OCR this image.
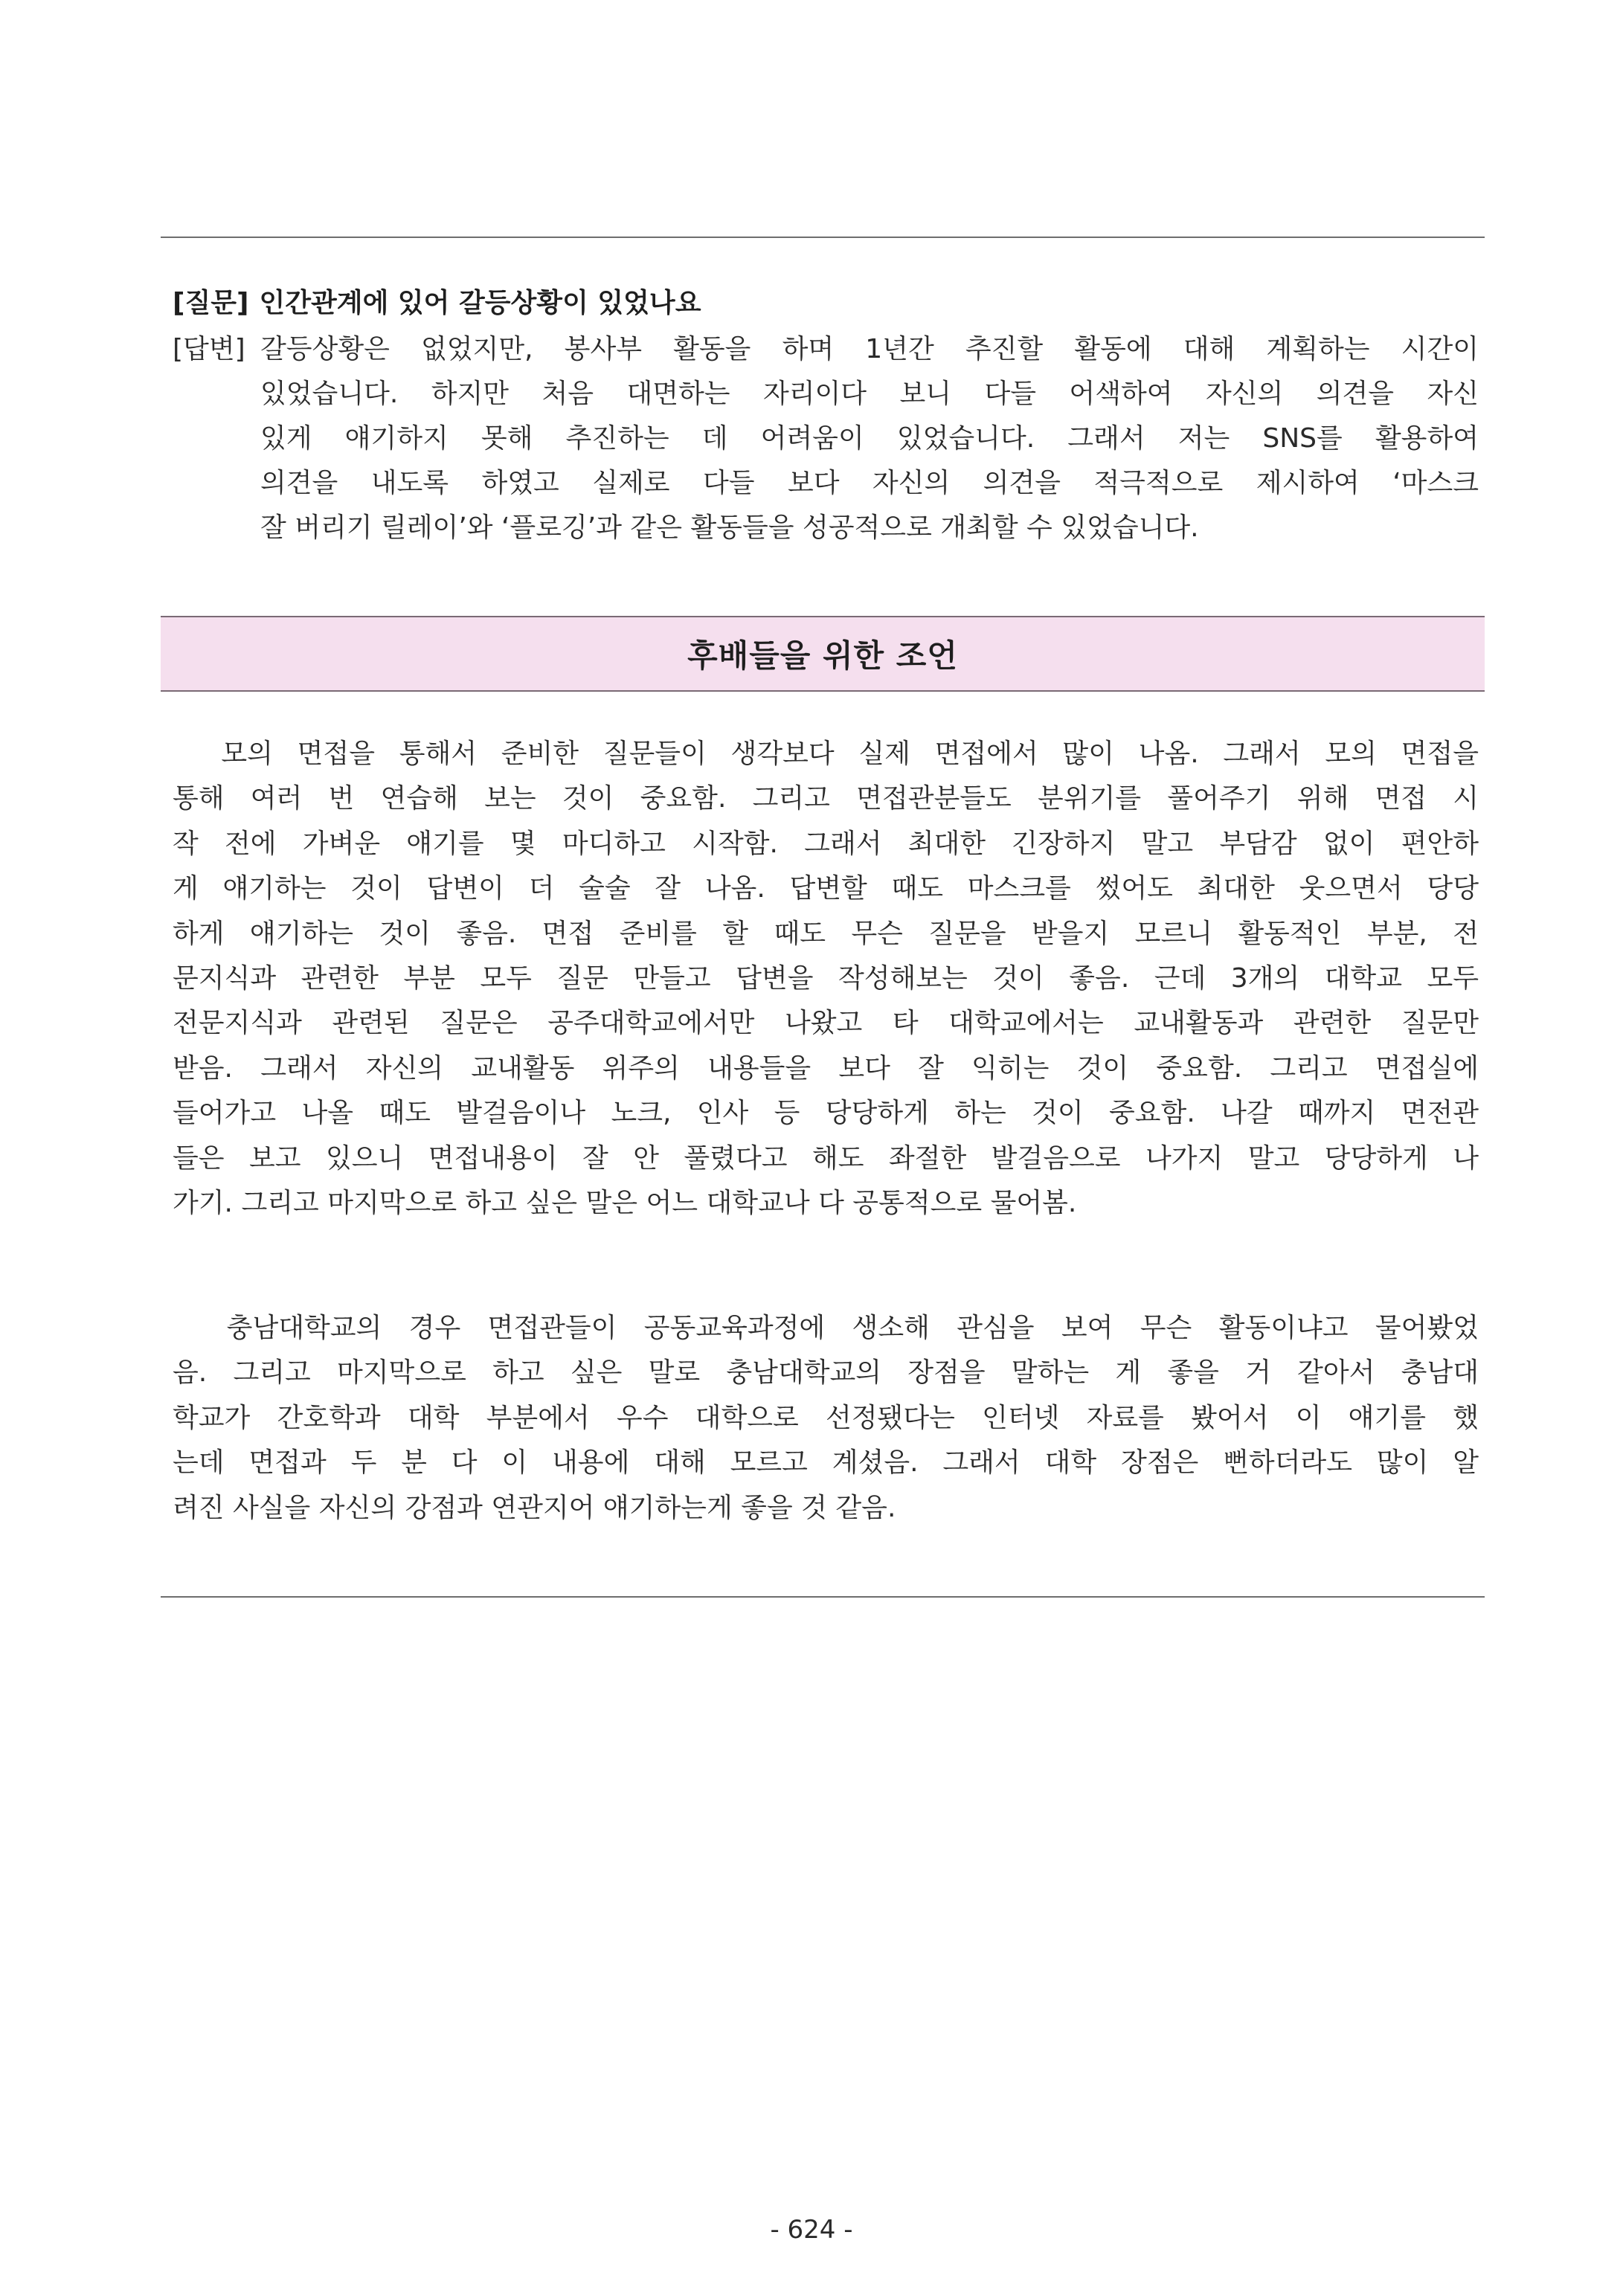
[질문] 인간관계에 있어 갈등상황이 있었나요
[답변] 갈등상황은 없었지만, 봉사부 활동을 하며 1년간 추진할 활동에 대해 계획하는 시간이
있었습니다. 하지만 처음 대면하는 자리이다 보니 다들 어색하여 자신의 의견을 자신
있게 얘기하지 못해 추진하는 데 어려움이 있었습니다. 그래서 저는 SNS를 활용하여
의견을 내도록 하였고 실제로 다들 보다 자신의 의견을 적극적으로 제시하여 ‘마스크
잘 버리기 릴레이’와 ‘플로깅’과 같은 활동들을 성공적으로 개최할 수 있었습니다.
후배들을 위한 조언
모의 면접을 통해서 준비한 질문들이 생각보다 실제 면접에서 많이 나옴. 그래서 모의 면접을
통해 여러 번 연습해 보는 것이 중요함. 그리고 면접관분들도 분위기를 풀어주기 위해 면접 시
작 전에 가벼운 얘기를 몇 마디하고 시작함. 그래서 최대한 긴장하지 말고 부담감 없이 편안하
게 얘기하는 것이 답변이 더 술술 잘 나옴. 답변할 때도 마스크를 썼어도 최대한 웃으면서 당당
하게 얘기하는 것이 좋음. 면접 준비를 할 때도 무슨 질문을 받을지 모르니 활동적인 부분, 전
문지식과 관련한 부분 모두 질문 만들고 답변을 작성해보는 것이 좋음. 근데 3개의 대학교 모두
전문지식과 관련된 질문은 공주대학교에서만 나왔고 타 대학교에서는 교내활동과 관련한 질문만
받음. 그래서 자신의 교내활동 위주의 내용들을 보다 잘 익히는 것이 중요함. 그리고 면접실에
들어가고 나올 때도 발걸음이나 노크, 인사 등 당당하게 하는 것이 중요함. 나갈 때까지 면전관
들은 보고 있으니 면접내용이 잘 안 풀렸다고 해도 좌절한 발걸음으로 나가지 말고 당당하게 나
가기. 그리고 마지막으로 하고 싶은 말은 어느 대학교나 다 공통적으로 물어봄.
충남대학교의 경우 면접관들이 공동교육과정에 생소해 관심을 보여 무슨 활동이냐고 물어봤었
음. 그리고 마지막으로 하고 싶은 말로 충남대학교의 장점을 말하는 게 좋을 거 같아서 충남대
학교가 간호학과 대학 부분에서 우수 대학으로 선정됐다는 인터넷 자료를 봤어서 이 얘기를 했
는데 면접과 두 분 다 이 내용에 대해 모르고 계셨음. 그래서 대학 장점은 뻔하더라도 많이 알
려진 사실을 자신의 강점과 연관지어 얘기하는게 좋을 것 같음.
- 624 -
